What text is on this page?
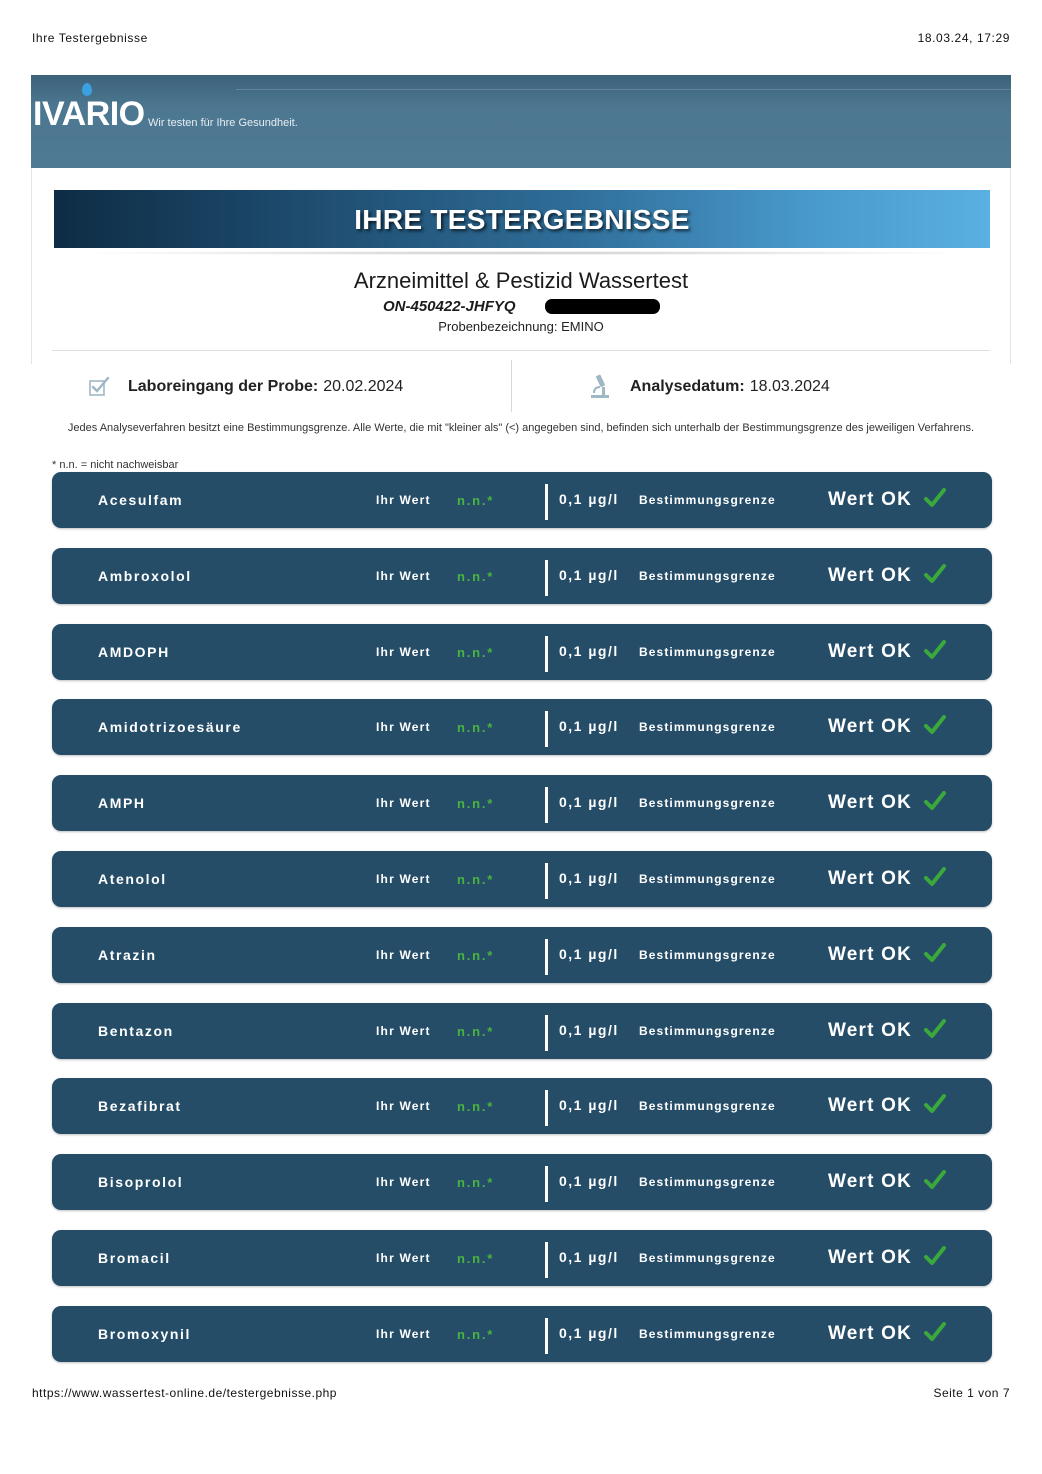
Ihre Testergebnisse	18.03.24, 17:29
IVARIO Wir testen für Ihre Gesundheit.
IHRE TESTERGEBNISSE
Arzneimittel & Pestizid Wassertest
ON-450422-JHFYQ
Probenbezeichnung: EMINO
Laboreingang der Probe: 20.02.2024	Analysedatum: 18.03.2024
Jedes Analyseverfahren besitzt eine Bestimmungsgrenze. Alle Werte, die mit "kleiner als" (<) angegeben sind, befinden sich unterhalb der Bestimmungsgrenze des jeweiligen Verfahrens.
* n.n. = nicht nachweisbar
Acesulfam	Ihr Wert n.n.*	0,1 µg/l Bestimmungsgrenze	Wert OK
Ambroxolol	Ihr Wert n.n.*	0,1 µg/l Bestimmungsgrenze	Wert OK
AMDOPH	Ihr Wert n.n.*	0,1 µg/l Bestimmungsgrenze	Wert OK
Amidotrizoesäure	Ihr Wert n.n.*	0,1 µg/l Bestimmungsgrenze	Wert OK
AMPH	Ihr Wert n.n.*	0,1 µg/l Bestimmungsgrenze	Wert OK
Atenolol	Ihr Wert n.n.*	0,1 µg/l Bestimmungsgrenze	Wert OK
Atrazin	Ihr Wert n.n.*	0,1 µg/l Bestimmungsgrenze	Wert OK
Bentazon	Ihr Wert n.n.*	0,1 µg/l Bestimmungsgrenze	Wert OK
Bezafibrat	Ihr Wert n.n.*	0,1 µg/l Bestimmungsgrenze	Wert OK
Bisoprolol	Ihr Wert n.n.*	0,1 µg/l Bestimmungsgrenze	Wert OK
Bromacil	Ihr Wert n.n.*	0,1 µg/l Bestimmungsgrenze	Wert OK
Bromoxynil	Ihr Wert n.n.*	0,1 µg/l Bestimmungsgrenze	Wert OK
https://www.wassertest-online.de/testergebnisse.php	Seite 1 von 7
